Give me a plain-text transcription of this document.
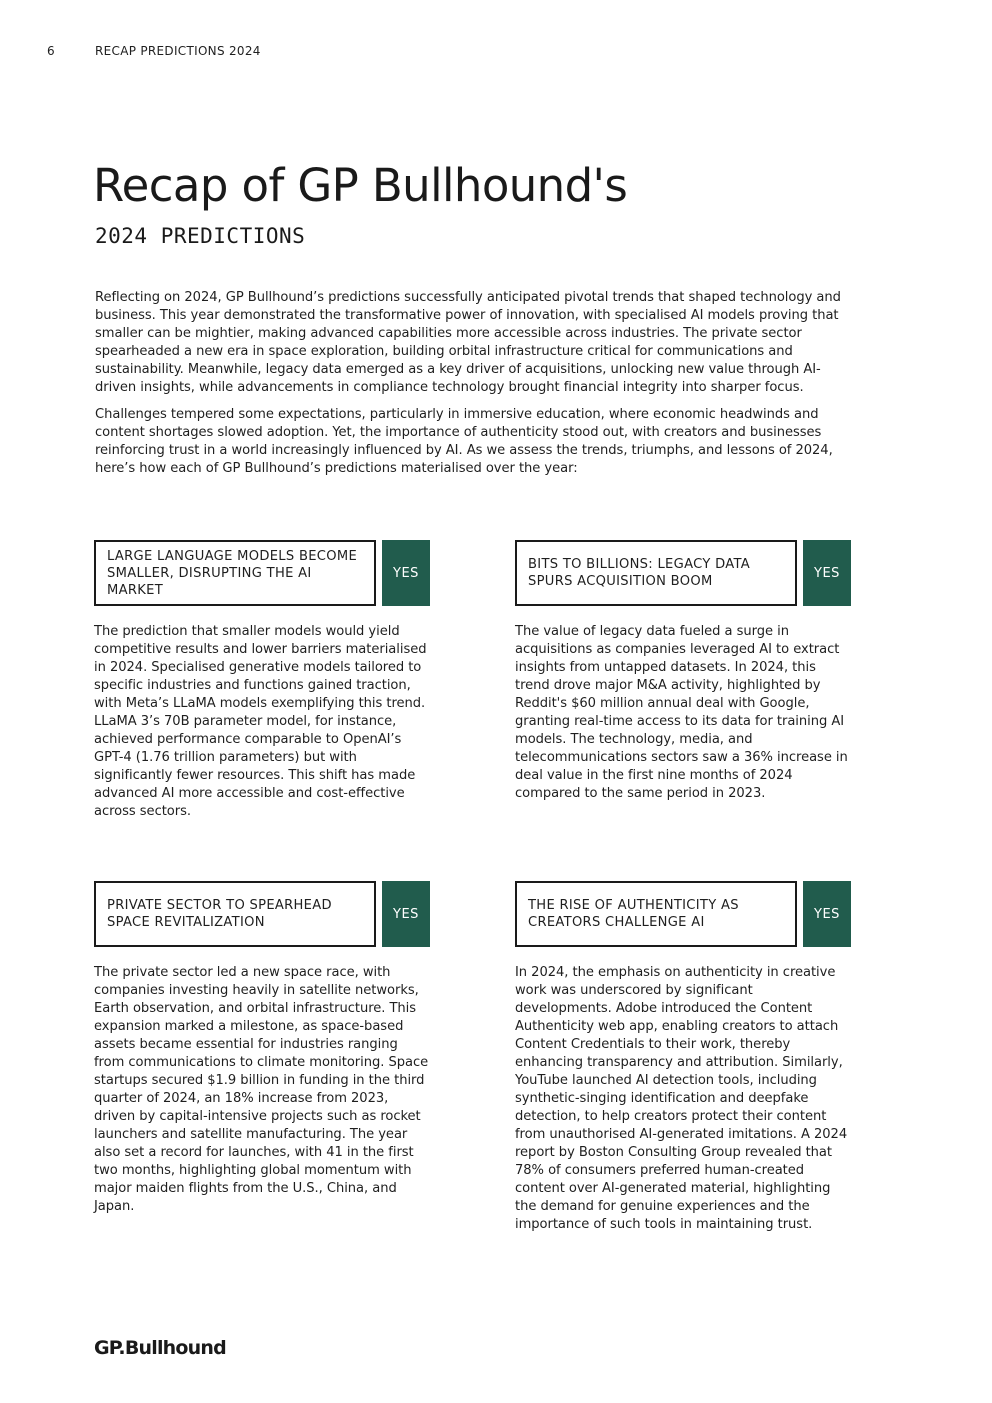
6	RECAP PREDICTIONS 2024
Recap of GP Bullhound's
2024 PREDICTIONS

Reflecting on 2024, GP Bullhound’s predictions successfully anticipated pivotal trends that shaped technology and business. This year demonstrated the transformative power of innovation, with specialised AI models proving that smaller can be mightier, making advanced capabilities more accessible across industries. The private sector spearheaded a new era in space exploration, building orbital infrastructure critical for communications and sustainability. Meanwhile, legacy data emerged as a key driver of acquisitions, unlocking new value through AI-driven insights, while advancements in compliance technology brought financial integrity into sharper focus.

Challenges tempered some expectations, particularly in immersive education, where economic headwinds and content shortages slowed adoption. Yet, the importance of authenticity stood out, with creators and businesses reinforcing trust in a world increasingly influenced by AI. As we assess the trends, triumphs, and lessons of 2024, here’s how each of GP Bullhound’s predictions materialised over the year:

LARGE LANGUAGE MODELS BECOME SMALLER, DISRUPTING THE AI MARKET
YES

The prediction that smaller models would yield competitive results and lower barriers materialised in 2024. Specialised generative models tailored to specific industries and functions gained traction, with Meta’s LLaMA models exemplifying this trend. LLaMA 3’s 70B parameter model, for instance, achieved performance comparable to OpenAI’s GPT-4 (1.76 trillion parameters) but with significantly fewer resources. This shift has made advanced AI more accessible and cost-effective across sectors.

BITS TO BILLIONS: LEGACY DATA SPURS ACQUISITION BOOM
YES

The value of legacy data fueled a surge in acquisitions as companies leveraged AI to extract insights from untapped datasets. In 2024, this trend drove major M&A activity, highlighted by Reddit's $60 million annual deal with Google, granting real-time access to its data for training AI models. The technology, media, and telecommunications sectors saw a 36% increase in deal value in the first nine months of 2024 compared to the same period in 2023.

PRIVATE SECTOR TO SPEARHEAD SPACE REVITALIZATION
YES

The private sector led a new space race, with companies investing heavily in satellite networks, Earth observation, and orbital infrastructure. This expansion marked a milestone, as space-based assets became essential for industries ranging from communications to climate monitoring. Space startups secured $1.9 billion in funding in the third quarter of 2024, an 18% increase from 2023, driven by capital-intensive projects such as rocket launchers and satellite manufacturing. The year also set a record for launches, with 41 in the first two months, highlighting global momentum with major maiden flights from the U.S., China, and Japan.

THE RISE OF AUTHENTICITY AS CREATORS CHALLENGE AI
YES

In 2024, the emphasis on authenticity in creative work was underscored by significant developments. Adobe introduced the Content Authenticity web app, enabling creators to attach Content Credentials to their work, thereby enhancing transparency and attribution. Similarly, YouTube launched AI detection tools, including synthetic-singing identification and deepfake detection, to help creators protect their content from unauthorised AI-generated imitations. A 2024 report by Boston Consulting Group revealed that 78% of consumers preferred human-created content over AI-generated material, highlighting the demand for genuine experiences and the importance of such tools in maintaining trust.

GP.Bullhound
